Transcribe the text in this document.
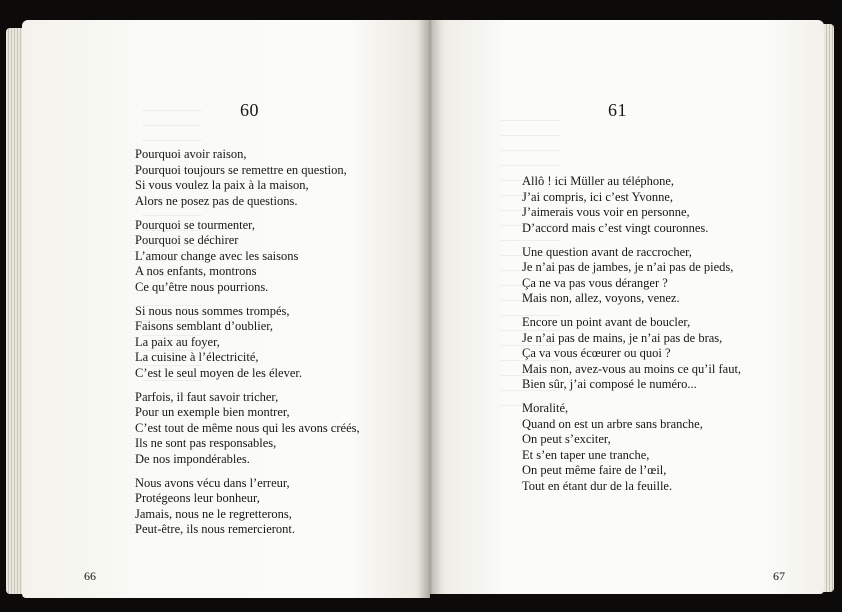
60
Pourquoi avoir raison,
Pourquoi toujours se remettre en question,
Si vous voulez la paix à la maison,
Alors ne posez pas de questions.
Pourquoi se tourmenter,
Pourquoi se déchirer
L’amour change avec les saisons
A nos enfants, montrons
Ce qu’être nous pourrions.
Si nous nous sommes trompés,
Faisons semblant d’oublier,
La paix au foyer,
La cuisine à l’électricité,
C’est le seul moyen de les élever.
Parfois, il faut savoir tricher,
Pour un exemple bien montrer,
C’est tout de même nous qui les avons créés,
Ils ne sont pas responsables,
De nos impondérables.
Nous avons vécu dans l’erreur,
Protégeons leur bonheur,
Jamais, nous ne le regretterons,
Peut-être, ils nous remercieront.
66
61
Allô ! ici Müller au téléphone,
J’ai compris, ici c’est Yvonne,
J’aimerais vous voir en personne,
D’accord mais c’est vingt couronnes.
Une question avant de raccrocher,
Je n’ai pas de jambes, je n’ai pas de pieds,
Ça ne va pas vous déranger ?
Mais non, allez, voyons, venez.
Encore un point avant de boucler,
Je n’ai pas de mains, je n’ai pas de bras,
Ça va vous écœurer ou quoi ?
Mais non, avez-vous au moins ce qu’il faut,
Bien sûr, j’ai composé le numéro...
Moralité,
Quand on est un arbre sans branche,
On peut s’exciter,
Et s’en taper une tranche,
On peut même faire de l’œil,
Tout en étant dur de la feuille.
67
